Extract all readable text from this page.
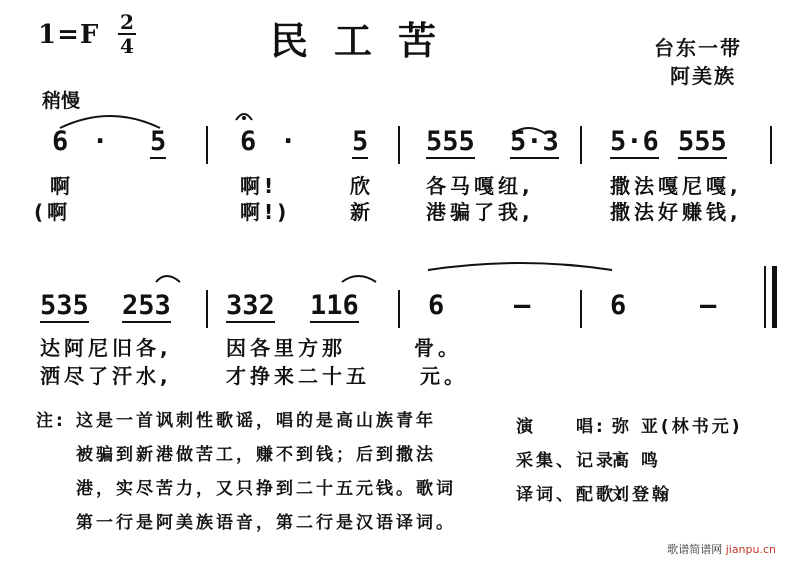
1=F 2
4	民工苦	台东一带
阿美族
稍慢
6 · 5	6 · 5 555 5·3 5·6 555
啊	啊!	欣	各马嘎纽,	撒法嘎尼嘎,
(啊	啊!)	新	港骗了我,	撒法好赚钱,
535 253 332 116	6	–	6	–
达阿尼旧各,	因各里方那	骨。
洒尽了汗水,	才挣来二十五	元。
注: 这是一首讽刺性歌谣，唱的是高山族青年
被骗到新港做苦工，赚不到钱；后到撒法
港，实尽苦力，又只挣到二十五元钱。歌词
第一行是阿美族语音，第二行是汉语译词。
演　　唱: 弥 亚(林书元)
采集、记录:
高 鸣
译词、配歌:
刘登翰
歌谱简谱网 jianpu.cn
